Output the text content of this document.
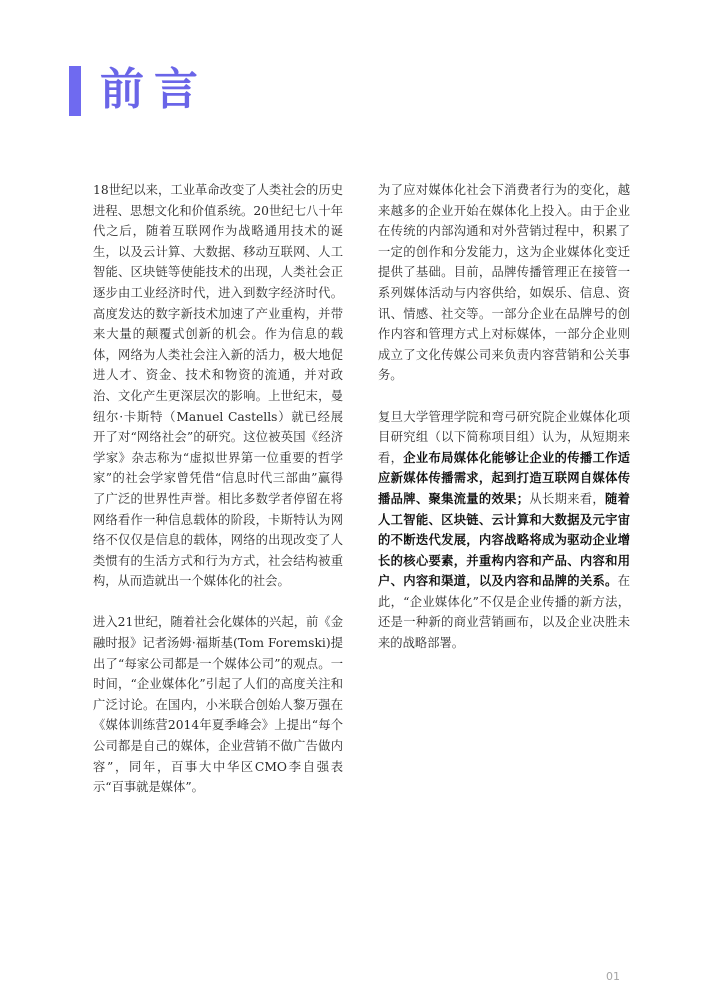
前言

18世纪以来，工业革命改变了人类社会的历史进程、思想文化和价值系统。20世纪七八十年代之后，随着互联网作为战略通用技术的诞生，以及云计算、大数据、移动互联网、人工智能、区块链等使能技术的出现，人类社会正逐步由工业经济时代，进入到数字经济时代。高度发达的数字新技术加速了产业重构，并带来大量的颠覆式创新的机会。作为信息的载体，网络为人类社会注入新的活力，极大地促进人才、资金、技术和物资的流通，并对政治、文化产生更深层次的影响。上世纪末，曼纽尔·卡斯特（Manuel Castells）就已经展开了对“网络社会”的研究。这位被英国《经济学家》杂志称为“虚拟世界第一位重要的哲学家”的社会学家曾凭借“信息时代三部曲”赢得了广泛的世界性声誉。相比多数学者停留在将网络看作一种信息载体的阶段，卡斯特认为网络不仅仅是信息的载体，网络的出现改变了人类惯有的生活方式和行为方式，社会结构被重构，从而造就出一个媒体化的社会。

进入21世纪，随着社会化媒体的兴起，前《金融时报》记者汤姆·福斯基(Tom Foremski)提出了“每家公司都是一个媒体公司”的观点。一时间，“企业媒体化”引起了人们的高度关注和广泛讨论。在国内，小米联合创始人黎万强在《媒体训练营2014年夏季峰会》上提出“每个公司都是自己的媒体，企业营销不做广告做内容”，同年，百事大中华区CMO李自强表示“百事就是媒体”。

为了应对媒体化社会下消费者行为的变化，越来越多的企业开始在媒体化上投入。由于企业在传统的内部沟通和对外营销过程中，积累了一定的创作和分发能力，这为企业媒体化变迁提供了基础。目前，品牌传播管理正在接管一系列媒体活动与内容供给，如娱乐、信息、资讯、情感、社交等。一部分企业在品牌号的创作内容和管理方式上对标媒体，一部分企业则成立了文化传媒公司来负责内容营销和公关事务。

复旦大学管理学院和弯弓研究院企业媒体化项目研究组（以下简称项目组）认为，从短期来看，企业布局媒体化能够让企业的传播工作适应新媒体传播需求，起到打造互联网自媒体传播品牌、聚集流量的效果；从长期来看，随着人工智能、区块链、云计算和大数据及元宇宙的不断迭代发展，内容战略将成为驱动企业增长的核心要素，并重构内容和产品、内容和用户、内容和渠道，以及内容和品牌的关系。在此，“企业媒体化”不仅是企业传播的新方法，还是一种新的商业营销画布，以及企业决胜未来的战略部署。

01
